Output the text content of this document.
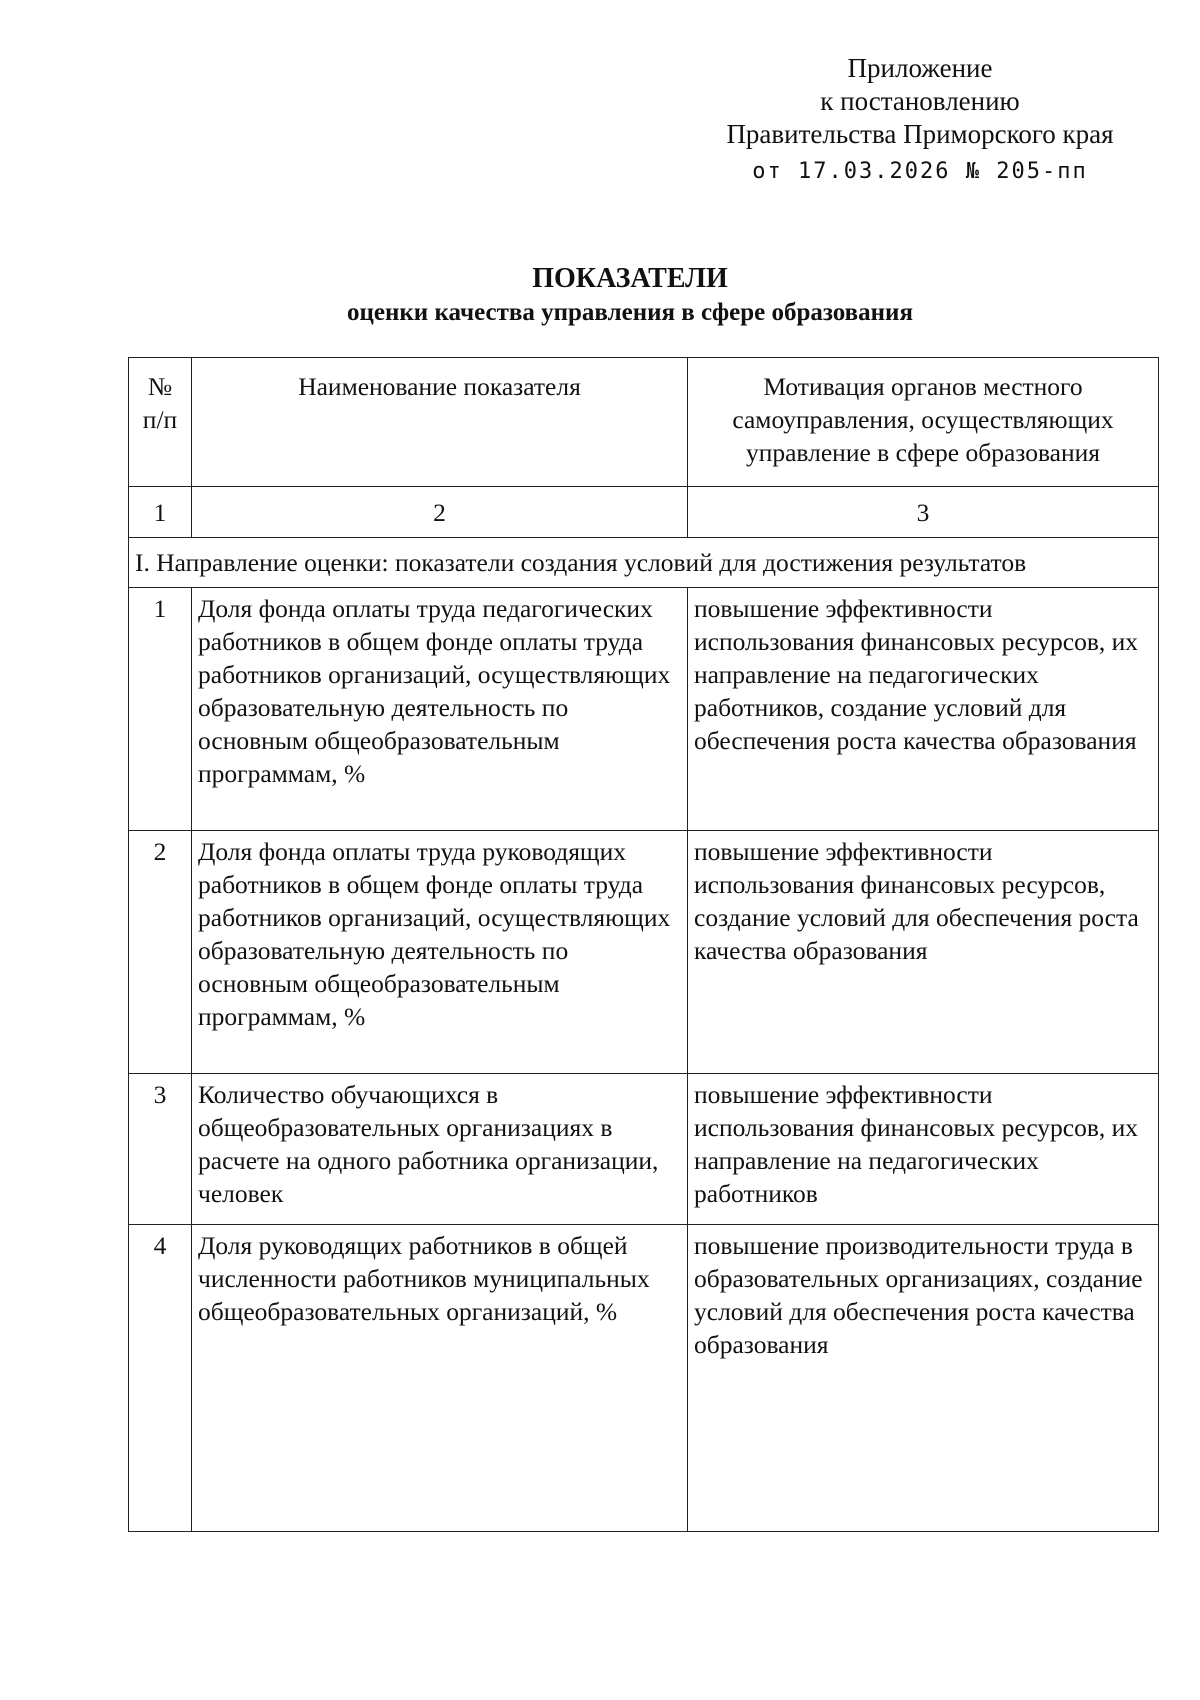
Приложение
к постановлению
Правительства Приморского края
от 17.03.2026 № 205-пп
ПОКАЗАТЕЛИ
оценки качества управления в сфере образования
№ п/п	Наименование показателя	Мотивация органов местного самоуправления, осуществляющих управление в сфере образования
1	2	3
I. Направление оценки: показатели создания условий для достижения результатов		
1	Доля фонда оплаты труда педагогических работников в общем фонде оплаты труда работников организаций, осуществляющих образовательную деятельность по основным общеобразовательным программам, %	повышение эффективности использования финансовых ресурсов, их направление на педагогических работников, создание условий для обеспечения роста качества образования
2	Доля фонда оплаты труда руководящих работников в общем фонде оплаты труда работников организаций, осуществляющих образовательную деятельность по основным общеобразовательным программам, %	повышение эффективности использования финансовых ресурсов, создание условий для обеспечения роста качества образования
3	Количество обучающихся в общеобразовательных организациях в расчете на одного работника организации, человек	повышение эффективности использования финансовых ресурсов, их направление на педагогических работников
4	Доля руководящих работников в общей численности работников муниципальных общеобразовательных организаций, %	повышение производительности труда в образовательных организациях, создание условий для обеспечения роста качества образования
